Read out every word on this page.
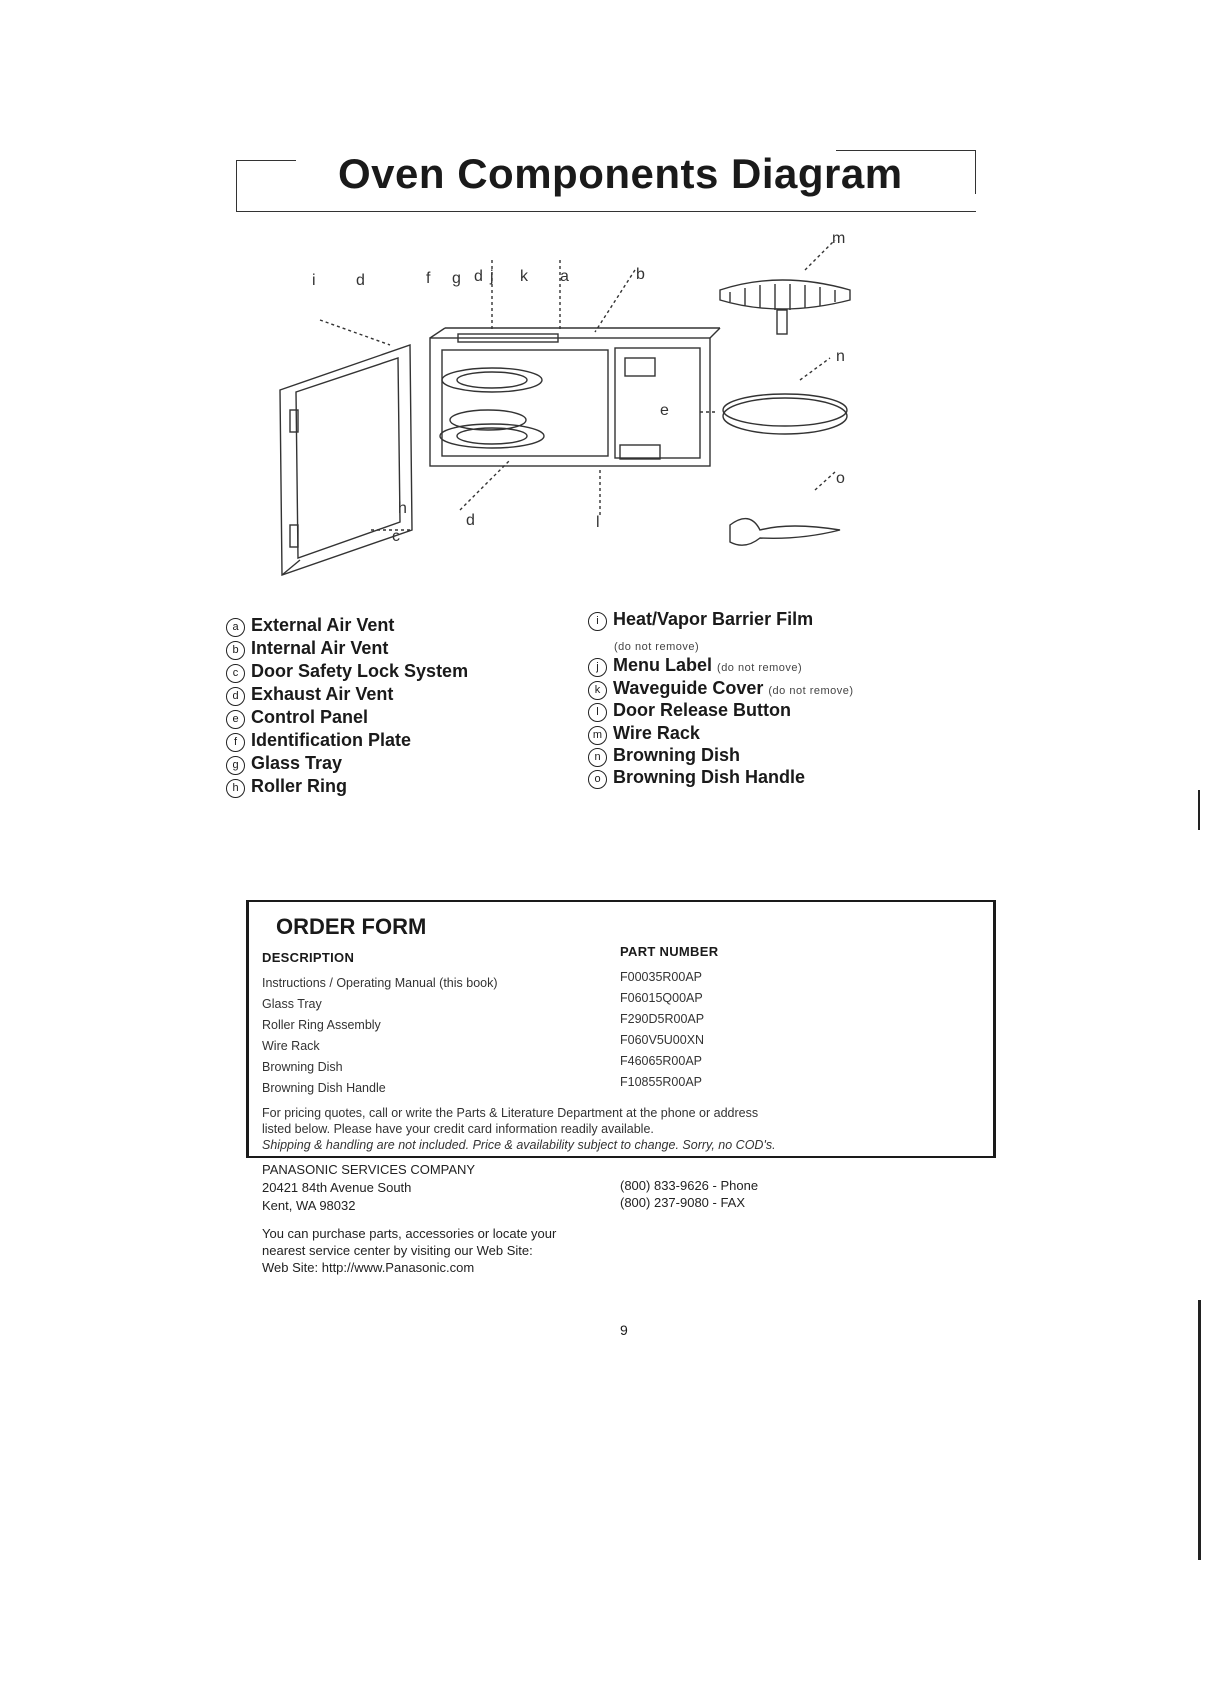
Oven Components Diagram
i	d	f g d j k a	b
e
h
d
c
l
m
n
o
a External Air Vent
b Internal Air Vent
c Door Safety Lock System
d Exhaust Air Vent
e Control Panel
f Identification Plate
g Glass Tray
h Roller Ring
i Heat/Vapor Barrier Film
(do not remove)
j Menu Label (do not remove)
k Waveguide Cover (do not remove)
l Door Release Button
m Wire Rack
n Browning Dish
o Browning Dish Handle
ORDER FORM
DESCRIPTION	PART NUMBER
Instructions / Operating Manual (this book)	F00035R00AP
Glass Tray	F06015Q00AP
Roller Ring Assembly	F290D5R00AP
Wire Rack	F060V5U00XN
Browning Dish	F46065R00AP
Browning Dish Handle	F10855R00AP
For pricing quotes, call or write the Parts & Literature Department at the phone or address
listed below. Please have your credit card information readily available.
Shipping & handling are not included. Price & availability subject to change. Sorry, no COD's.
PANASONIC SERVICES COMPANY
20421 84th Avenue South
Kent, WA 98032
(800) 833-9626 - Phone
(800) 237-9080 - FAX
You can purchase parts, accessories or locate your
nearest service center by visiting our Web Site:
Web Site: http://www.Panasonic.com
9
